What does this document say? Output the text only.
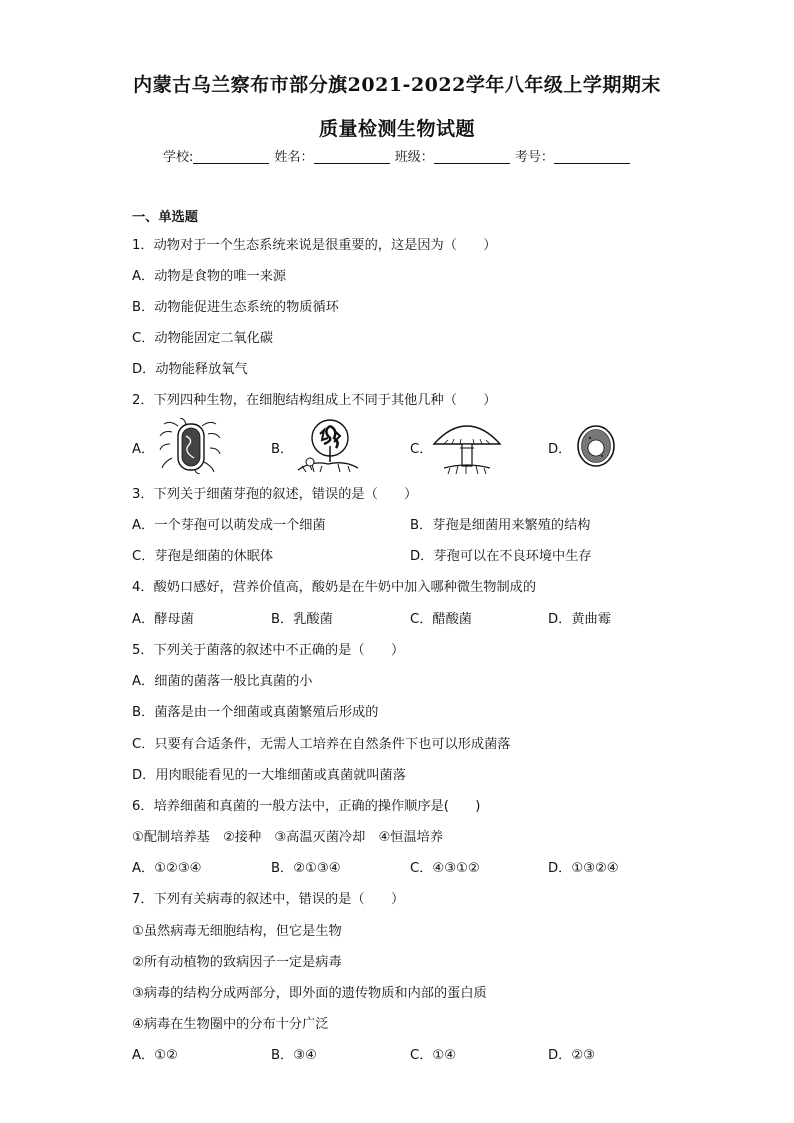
内蒙古乌兰察布市部分旗2021-2022学年八年级上学期期末
质量检测生物试题
学校:	姓名：	班级：	考号：
一、单选题
1．动物对于一个生态系统来说是很重要的，这是因为（　　）
A．动物是食物的唯一来源
B．动物能促进生态系统的物质循环
C．动物能固定二氧化碳
D．动物能释放氧气
2．下列四种生物，在细胞结构组成上不同于其他几种（　　）
A．	B．	C．	D．
3．下列关于细菌芽孢的叙述，错误的是（　　）
A．一个芽孢可以萌发成一个细菌	B．芽孢是细菌用来繁殖的结构
C．芽孢是细菌的休眠体	D．芽孢可以在不良环境中生存
4．酸奶口感好，营养价值高，酸奶是在牛奶中加入哪种微生物制成的
A．酵母菌	B．乳酸菌	C．醋酸菌	D．黄曲霉
5．下列关于菌落的叙述中不正确的是（　　）
A．细菌的菌落一般比真菌的小
B．菌落是由一个细菌或真菌繁殖后形成的
C．只要有合适条件，无需人工培养在自然条件下也可以形成菌落
D．用肉眼能看见的一大堆细菌或真菌就叫菌落
6．培养细菌和真菌的一般方法中，正确的操作顺序是(　　)
①配制培养基　②接种　③高温灭菌冷却　④恒温培养
A．①②③④	B．②①③④	C．④③①②	D．①③②④
7．下列有关病毒的叙述中，错误的是（　　）
①虽然病毒无细胞结构，但它是生物
②所有动植物的致病因子一定是病毒
③病毒的结构分成两部分，即外面的遗传物质和内部的蛋白质
④病毒在生物圈中的分布十分广泛
A．①②	B．③④	C．①④	D．②③
